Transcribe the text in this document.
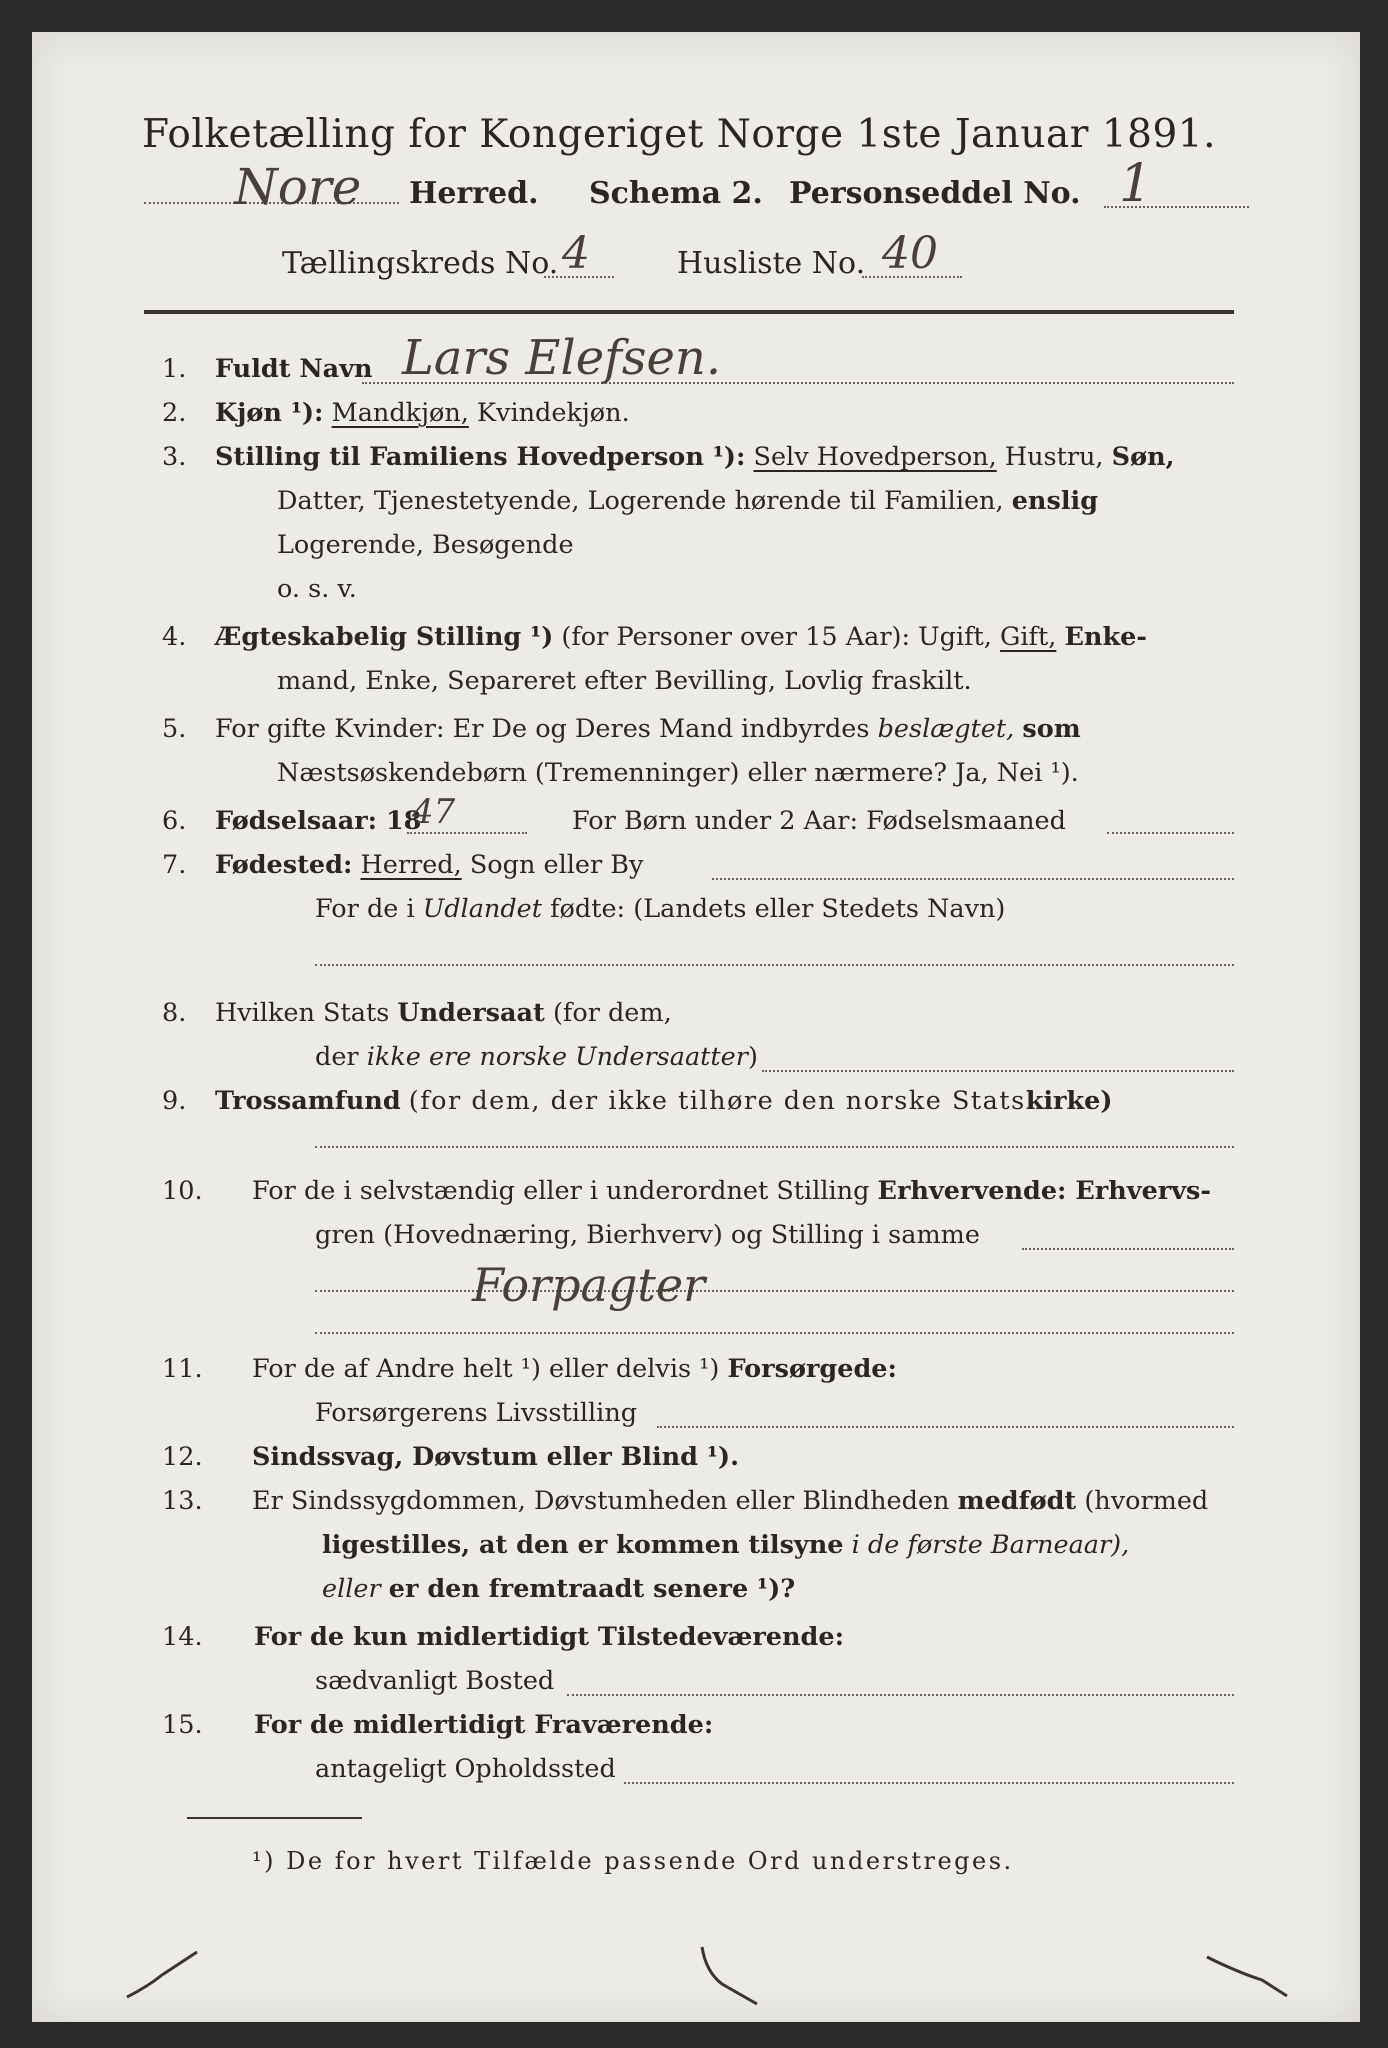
Folketælling for Kongeriget Norge 1ste Januar 1891.
Nore Herred. Schema 2. Personseddel No. 1
Tællingskreds No. 4	Husliste No. 40
1.	Fuldt Navn Lars Elefsen.
2.	Kjøn ¹): Mandkjøn, Kvindekjøn.
3.	Stilling til Familiens Hovedperson ¹): Selv Hovedperson, Hustru, Søn,
Datter, Tjenestetyende, Logerende hørende til Familien, enslig
Logerende, Besøgende
o. s. v.
4.	Ægteskabelig Stilling ¹) (for Personer over 15 Aar): Ugift, Gift, Enke-
mand, Enke, Separeret efter Bevilling, Lovlig fraskilt.
5.	For gifte Kvinder: Er De og Deres Mand indbyrdes beslægtet, som
Næstsøskendebørn (Tremenninger) eller nærmere? Ja, Nei ¹).
6.	Fødselsaar: 18
47	For Børn under 2 Aar: Fødselsmaaned
7.	Fødested: Herred, Sogn eller By
For de i Udlandet fødte: (Landets eller Stedets Navn)
8.	Hvilken Stats Undersaat (for dem,
der ikke ere norske Undersaatter)
9.	Trossamfund (for dem, der ikke tilhøre den norske Statskirke)
10.	For de i selvstændig eller i underordnet Stilling Erhvervende: Erhvervs-
gren (Hovednæring, Bierhverv) og Stilling i samme
Forpagter
11.	For de af Andre helt ¹) eller delvis ¹) Forsørgede:
Forsørgerens Livsstilling
12.	Sindssvag, Døvstum eller Blind ¹).
13.	Er Sindssygdommen, Døvstumheden eller Blindheden medfødt (hvormed
ligestilles, at den er kommen tilsyne i de første Barneaar),
eller er den fremtraadt senere ¹)?
14.	For de kun midlertidigt Tilstedeværende:
sædvanligt Bosted
15.	For de midlertidigt Fraværende:
antageligt Opholdssted
¹) De for hvert Tilfælde passende Ord understreges.
